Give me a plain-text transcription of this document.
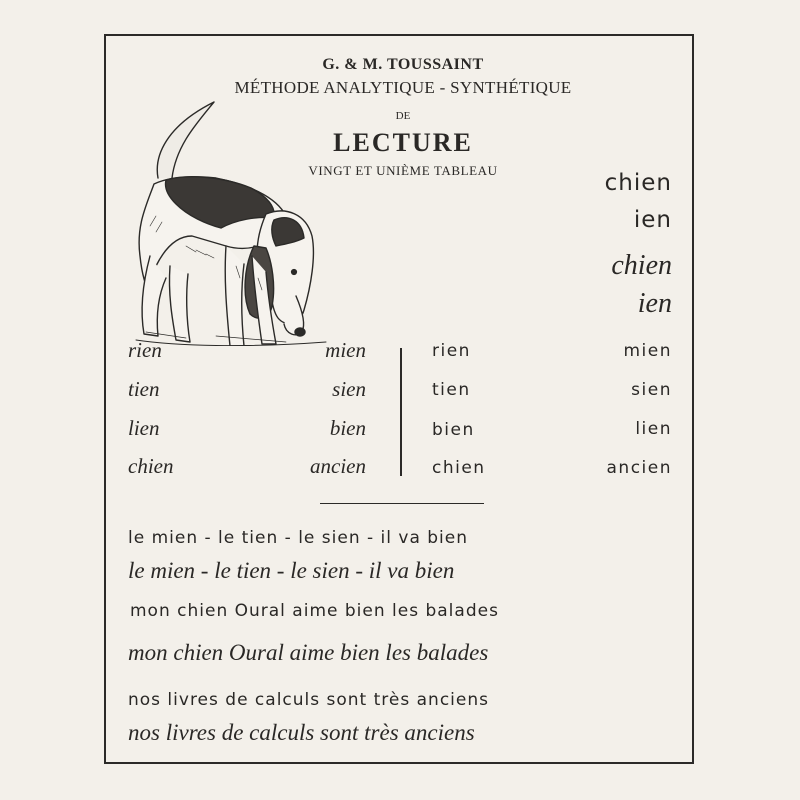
G. & M. TOUSSAINT
MÉTHODE ANALYTIQUE - SYNTHÉTIQUE
DE
LECTURE
VINGT ET UNIÈME TABLEAU	chien
ien
chien
ien
rien
tien
lien
chien
mien
sien
bien
ancien
rien
tien
bien
chien
mien
sien
lien
ancien
le mien - le tien - le sien - il va bien
le mien - le tien - le sien - il va bien
mon chien Oural aime bien les balades
mon chien Oural aime bien les balades
nos livres de calculs sont très anciens
nos livres de calculs sont très anciens
